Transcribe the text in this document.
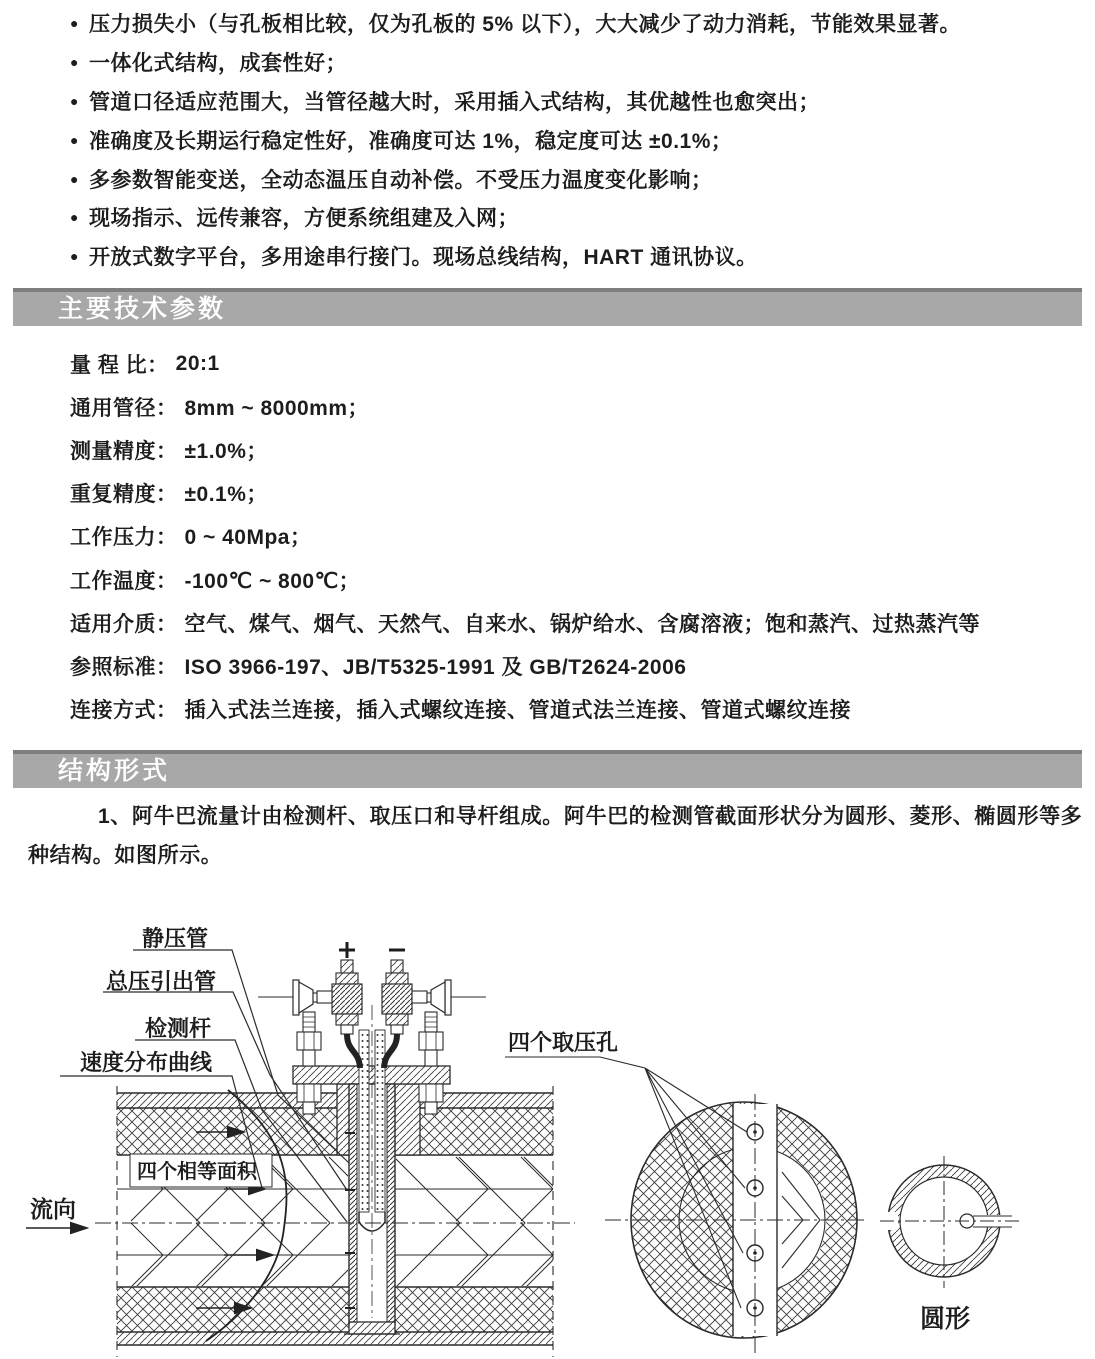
● 压力损失小（与孔板相比较，仅为孔板的 5% 以下），大大减少了动力消耗，节能效果显著。
● 一体化式结构，成套性好；
● 管道口径适应范围大，当管径越大时，采用插入式结构，其优越性也愈突出；
● 准确度及长期运行稳定性好，准确度可达 1%，稳定度可达 ±0.1%；
● 多参数智能变送，全动态温压自动补偿。不受压力温度变化影响；
● 现场指示、远传兼容，方便系统组建及入网；
● 开放式数字平台，多用途串行接门。现场总线结构，HART 通讯协议。
主要技术参数
量 程 比： 20:1
通用管径： 8mm ~ 8000mm；
测量精度： ±1.0%；
重复精度： ±0.1%；
工作压力： 0 ~ 40Mpa；
工作温度： -100℃ ~ 800℃；
适用介质： 空气、煤气、烟气、天然气、自来水、锅炉给水、含腐溶液；饱和蒸汽、过热蒸汽等
参照标准： ISO 3966-197、JB/T5325-1991 及 GB/T2624-2006
连接方式： 插入式法兰连接，插入式螺纹连接、管道式法兰连接、管道式螺纹连接
结构形式

1、阿牛巴流量计由检测杆、取压口和导杆组成。阿牛巴的检测管截面形状分为圆形、菱形、椭圆形等多种结构。如图所示。

四个相等面积
流向
静压管
总压引出管
检测杆
速度分布曲线
四个取压孔
圆形
